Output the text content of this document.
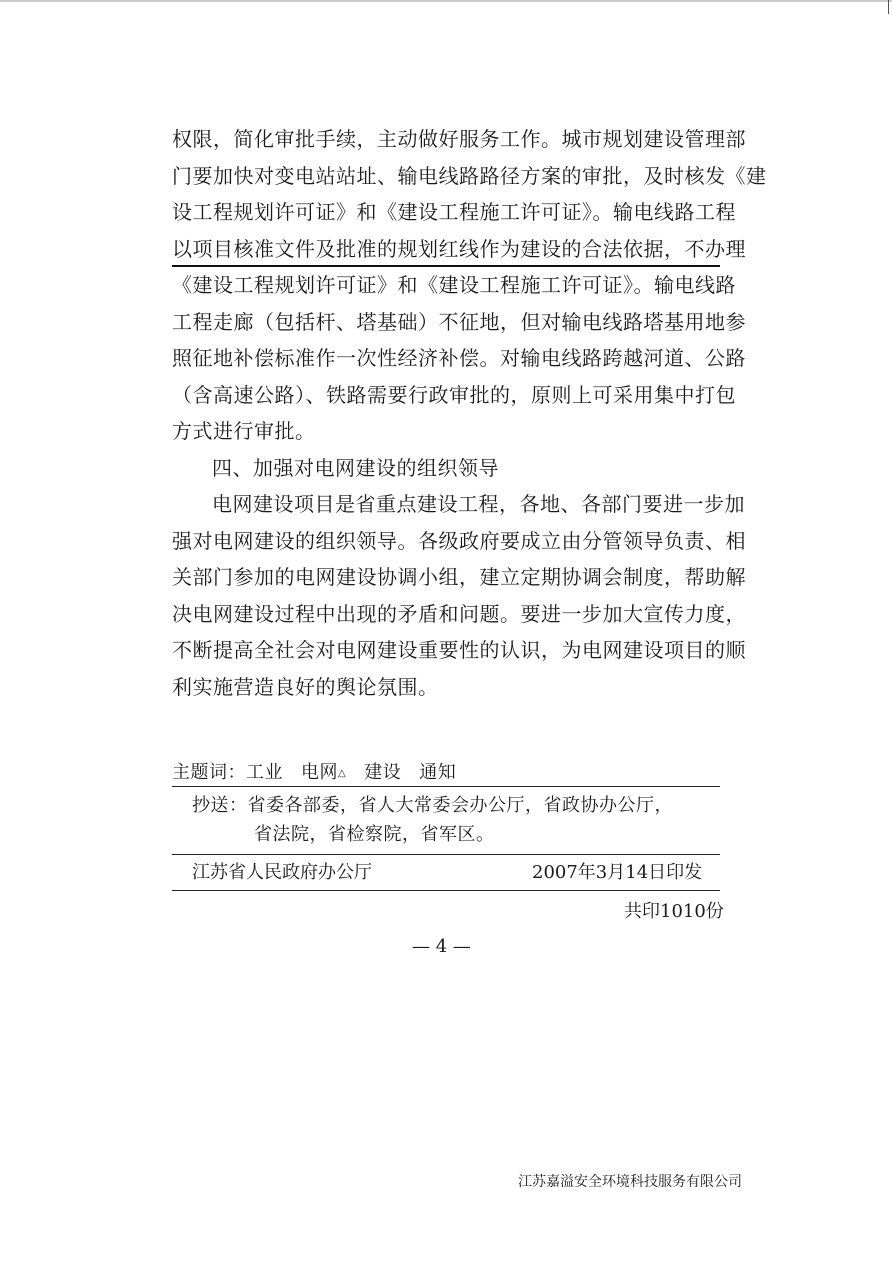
权限，简化审批手续，主动做好服务工作。城市规划建设管理部
门要加快对变电站站址、输电线路路径方案的审批，及时核发《建
设工程规划许可证》和《建设工程施工许可证》。输电线路工程
以项目核准文件及批准的规划红线作为建设的合法依据，不办理
《建设工程规划许可证》和《建设工程施工许可证》。输电线路
工程走廊（包括杆、塔基础）不征地，但对输电线路塔基用地参
照征地补偿标准作一次性经济补偿。对输电线路跨越河道、公路
（含高速公路）、铁路需要行政审批的，原则上可采用集中打包
方式进行审批。
四、加强对电网建设的组织领导
电网建设项目是省重点建设工程，各地、各部门要进一步加
强对电网建设的组织领导。各级政府要成立由分管领导负责、相
关部门参加的电网建设协调小组，建立定期协调会制度，帮助解
决电网建设过程中出现的矛盾和问题。要进一步加大宣传力度，
不断提高全社会对电网建设重要性的认识，为电网建设项目的顺
利实施营造良好的舆论氛围。
主题词：工业 电网△ 建设 通知
抄送：省委各部委，省人大常委会办公厅，省政协办公厅，
省法院，省检察院，省军区。
江苏省人民政府办公厅	2007年3月14日印发
共印1010份
— 4 —
江苏嘉溢安全环境科技服务有限公司
